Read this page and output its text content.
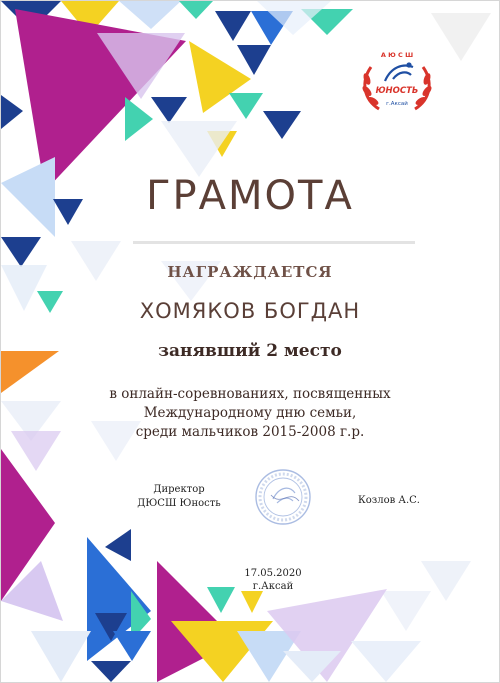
А Ю С Ш
ЮНОСТЬ
г.Аксай
ГРАМОТА
НАГРАЖДАЕТСЯ
ХОМЯКОВ БОГДАН
занявший 2 место
в онлайн-соревнованиях, посвященных
Международному дню семьи,
среди мальчиков 2015-2008 г.р.
Директор
ДЮСШ Юность	Козлов А.С.
17.05.2020
г.Аксай
